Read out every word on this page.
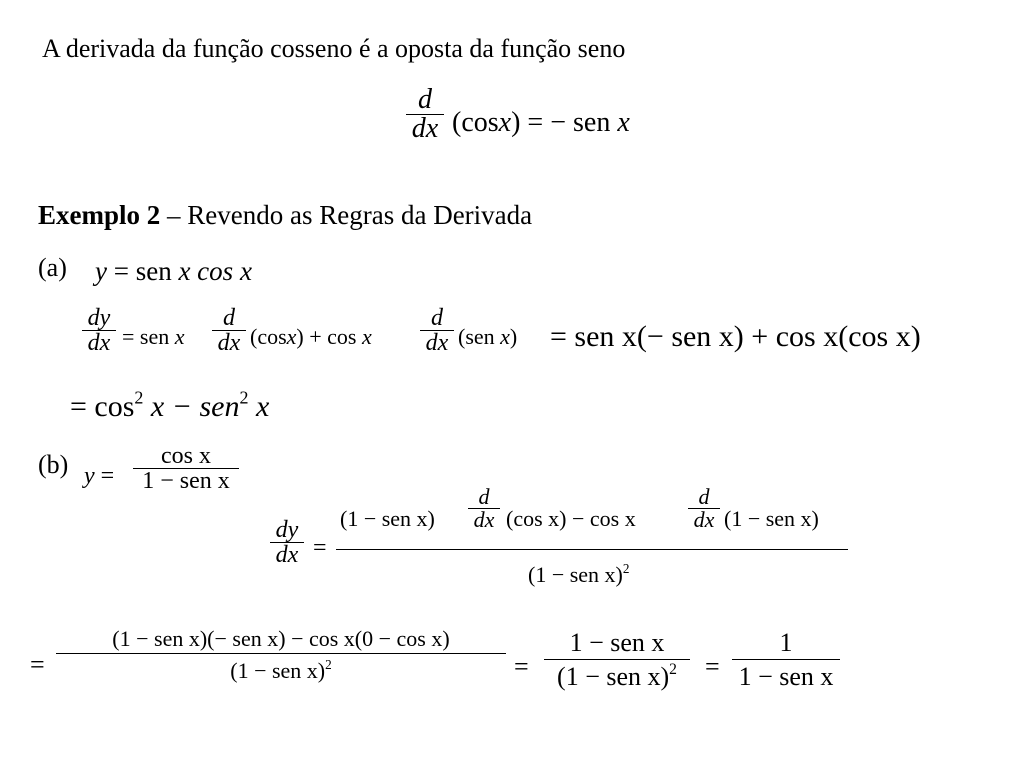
A derivada da função cosseno é a oposta da função seno
d
dx (cosx) = − sen x
Exemplo 2 – Revendo as Regras da Derivada
(a) y = sen x cos x
dy
dx = sen x
d
dx (cosx) + cos x
d
dx (sen x) = sen x(− sen x) + cos x(cos x)
= $\cos^2 x - sen^2$ x
(b) y =
cos x
1 − sen x
dy
dx =
(1 − sen x)
d
dx (cos x) − cos x
d
dx (1 − sen x)
(1 − sen x)$^2$
=
(1 − sen x)(− sen x) − cos x(0 − cos x)
(1 − sen x)$^2$	=
1 − sen x
(1 − sen x)$^2$ =
1
1 − sen x
